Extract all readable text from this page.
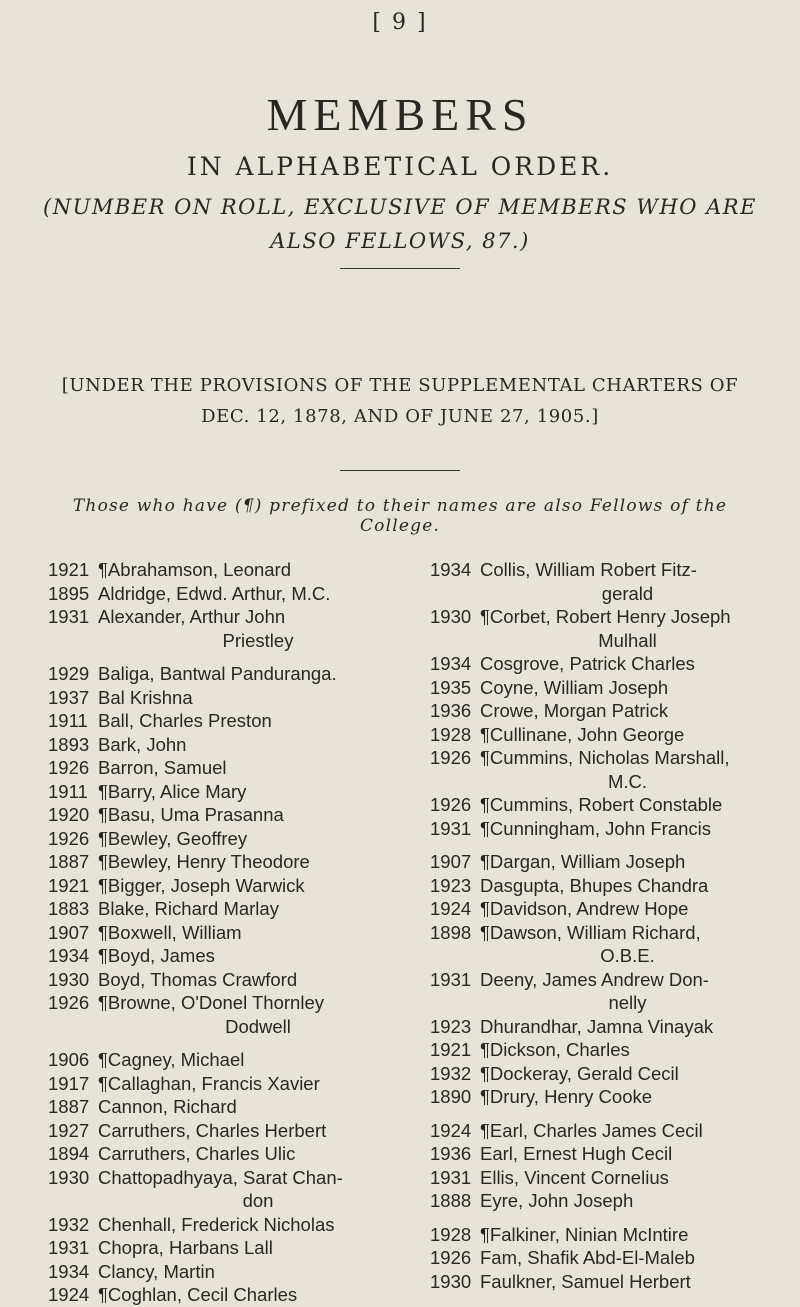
[ 9 ]
MEMBERS
IN ALPHABETICAL ORDER.
(NUMBER ON ROLL, EXCLUSIVE OF MEMBERS WHO ARE ALSO FELLOWS, 87.)
[UNDER THE PROVISIONS OF THE SUPPLEMENTAL CHARTERS OF DEC. 12, 1878, AND OF JUNE 27, 1905.]
Those who have (¶) prefixed to their names are also Fellows of the College.
1921 ¶Abrahamson, Leonard
1895 Aldridge, Edwd. Arthur, M.C.
1931 Alexander, Arthur John
Priestley
1929 Baliga, Bantwal Panduranga.
1937 Bal Krishna
1911 Ball, Charles Preston
1893 Bark, John
1926 Barron, Samuel
1911 ¶Barry, Alice Mary
1920 ¶Basu, Uma Prasanna
1926 ¶Bewley, Geoffrey
1887 ¶Bewley, Henry Theodore
1921 ¶Bigger, Joseph Warwick
1883 Blake, Richard Marlay
1907 ¶Boxwell, William
1934 ¶Boyd, James
1930 Boyd, Thomas Crawford
1926 ¶Browne, O'Donel Thornley
Dodwell
1906 ¶Cagney, Michael
1917 ¶Callaghan, Francis Xavier
1887 Cannon, Richard
1927 Carruthers, Charles Herbert
1894 Carruthers, Charles Ulic
1930 Chattopadhyaya, Sarat Chan-
don
1932 Chenhall, Frederick Nicholas
1931 Chopra, Harbans Lall
1934 Clancy, Martin
1924 ¶Coghlan, Cecil Charles
1934 Collis, William Robert Fitz-
gerald
1930 ¶Corbet, Robert Henry Joseph
Mulhall
1934 Cosgrove, Patrick Charles
1935 Coyne, William Joseph
1936 Crowe, Morgan Patrick
1928 ¶Cullinane, John George
1926 ¶Cummins, Nicholas Marshall,
M.C.
1926 ¶Cummins, Robert Constable
1931 ¶Cunningham, John Francis
1907 ¶Dargan, William Joseph
1923 Dasgupta, Bhupes Chandra
1924 ¶Davidson, Andrew Hope
1898 ¶Dawson, William Richard,
O.B.E.
1931 Deeny, James Andrew Don-
nelly
1923 Dhurandhar, Jamna Vinayak
1921 ¶Dickson, Charles
1932 ¶Dockeray, Gerald Cecil
1890 ¶Drury, Henry Cooke
1924 ¶Earl, Charles James Cecil
1936 Earl, Ernest Hugh Cecil
1931 Ellis, Vincent Cornelius
1888 Eyre, John Joseph
1928 ¶Falkiner, Ninian McIntire
1926 Fam, Shafik Abd-El-Maleb
1930 Faulkner, Samuel Herbert
